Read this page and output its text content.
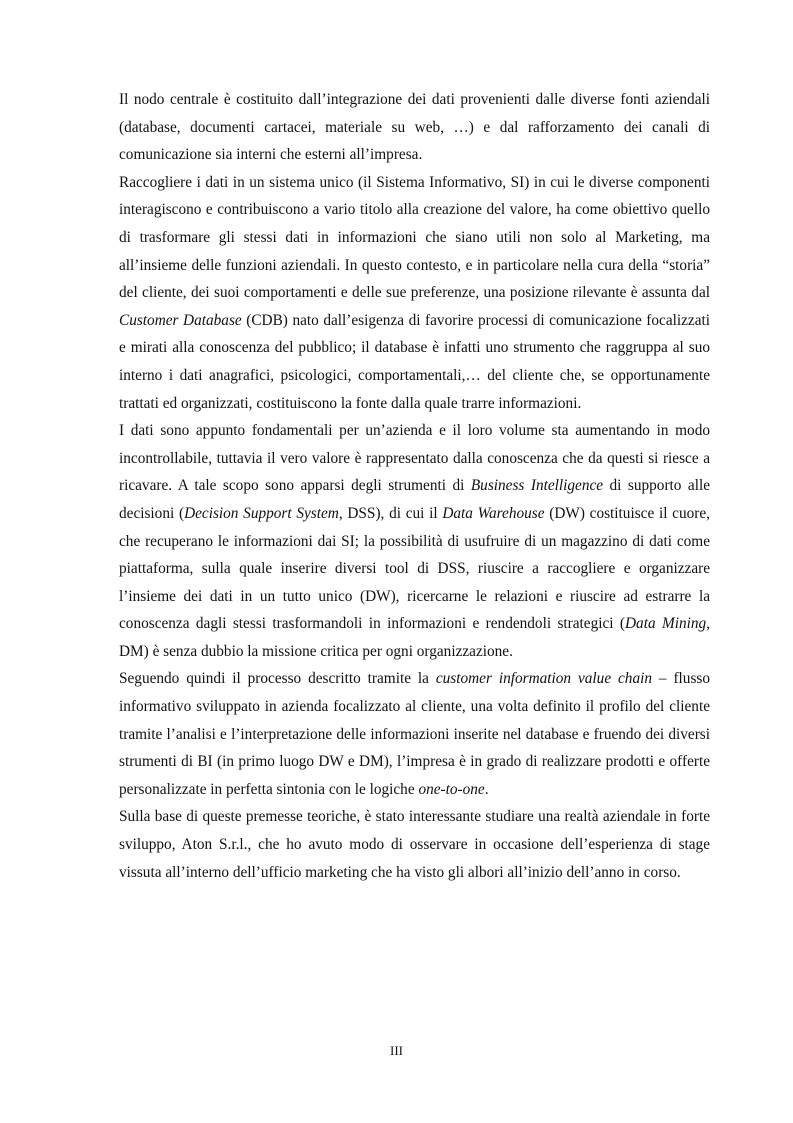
Il nodo centrale è costituito dall’integrazione dei dati provenienti dalle diverse fonti aziendali (database, documenti cartacei, materiale su web, …) e dal rafforzamento dei canali di comunicazione sia interni che esterni all’impresa.

Raccogliere i dati in un sistema unico (il Sistema Informativo, SI) in cui le diverse componenti interagiscono e contribuiscono a vario titolo alla creazione del valore, ha come obiettivo quello di trasformare gli stessi dati in informazioni che siano utili non solo al Marketing, ma all’insieme delle funzioni aziendali. In questo contesto, e in particolare nella cura della “storia” del cliente, dei suoi comportamenti e delle sue preferenze, una posizione rilevante è assunta dal Customer Database (CDB) nato dall’esigenza di favorire processi di comunicazione focalizzati e mirati alla conoscenza del pubblico; il database è infatti uno strumento che raggruppa al suo interno i dati anagrafici, psicologici, comportamentali,… del cliente che, se opportunamente trattati ed organizzati, costituiscono la fonte dalla quale trarre informazioni.

I dati sono appunto fondamentali per un’azienda e il loro volume sta aumentando in modo incontrollabile, tuttavia il vero valore è rappresentato dalla conoscenza che da questi si riesce a ricavare. A tale scopo sono apparsi degli strumenti di Business Intelligence di supporto alle decisioni (Decision Support System, DSS), di cui il Data Warehouse (DW) costituisce il cuore, che recuperano le informazioni dai SI; la possibilità di usufruire di un magazzino di dati come piattaforma, sulla quale inserire diversi tool di DSS, riuscire a raccogliere e organizzare l’insieme dei dati in un tutto unico (DW), ricercarne le relazioni e riuscire ad estrarre la conoscenza dagli stessi trasformandoli in informazioni e rendendoli strategici (Data Mining, DM) è senza dubbio la missione critica per ogni organizzazione.

Seguendo quindi il processo descritto tramite la customer information value chain – flusso informativo sviluppato in azienda focalizzato al cliente, una volta definito il profilo del cliente tramite l’analisi e l’interpretazione delle informazioni inserite nel database e fruendo dei diversi strumenti di BI (in primo luogo DW e DM), l’impresa è in grado di realizzare prodotti e offerte personalizzate in perfetta sintonia con le logiche one-to-one.

Sulla base di queste premesse teoriche, è stato interessante studiare una realtà aziendale in forte sviluppo, Aton S.r.l., che ho avuto modo di osservare in occasione dell’esperienza di stage vissuta all’interno dell’ufficio marketing che ha visto gli albori all’inizio dell’anno in corso.

III
